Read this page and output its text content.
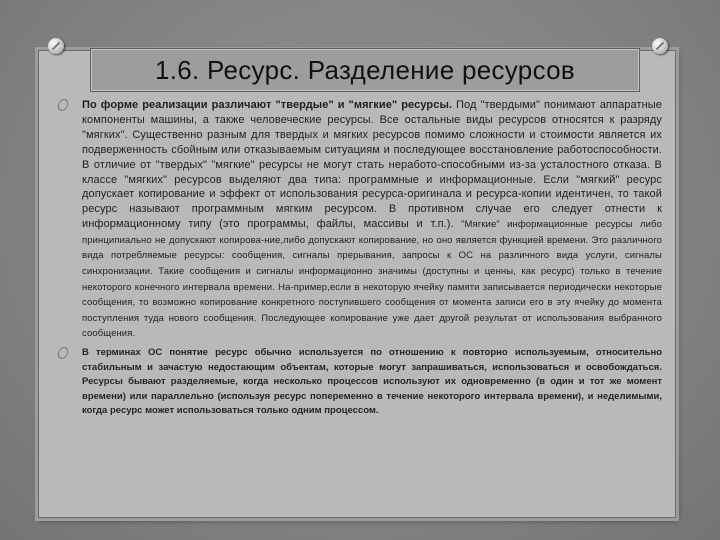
1.6. Ресурс. Разделение ресурсов

По форме реализации различают "твердые" и "мягкие" ресурсы. Под "твердыми" понимают аппаратные компоненты машины, а также человеческие ресурсы. Все остальные виды ресурсов относятся к разряду "мягких". Существенно разным для твердых и мягких ресурсов помимо сложности и стоимости является их подверженность сбойным или отказываемым ситуациям и последующее восстановление работоспособности. В отличие от "твердых" "мягкие" ресурсы не могут стать неработо-способными из-за усталостного отказа. В классе "мягких" ресурсов выделяют два типа: программные и информационные. Если "мягкий" ресурс допускает копирование и эффект от использования ресурса-оригинала и ресурса-копии идентичен, то такой ресурс называют программным мягким ресурсом. В противном случае его следует отнести к информационному типу (это программы, файлы, массивы и т.п.). "Мягкие" информационные ресурсы либо принципиально не допускают копирова-ние,либо допускают копирование, но оно является функцией времени. Это различного вида потребляемые ресурсы: сообщения, сигналы прерывания, запросы к ОС на различного вида услуги, сигналы синхронизации. Такие сообщения и сигналы информационно значимы (доступны и ценны, как ресурс) только в течение некоторого конечного интервала времени. На-пример,если в некоторую ячейку памяти записывается периодически некоторые сообщения, то возможно копирование конкретного поступившего сообщения от момента записи его в эту ячейку до момента поступления туда нового сообщения. Последующее копирование уже дает другой результат от использования выбранного сообщения.

В терминах ОС понятие ресурс обычно используется по отношению к повторно используемым, относительно стабильным и зачастую недостающим объектам, которые могут запрашиваться, использоваться и освобождаться. Ресурсы бывают разделяемые, когда несколько процессов используют их одновременно (в один и тот же момент времени) или параллельно (используя ресурс попеременно в течение некоторого интервала времени), и неделимыми, когда ресурс может использоваться только одним процессом.
